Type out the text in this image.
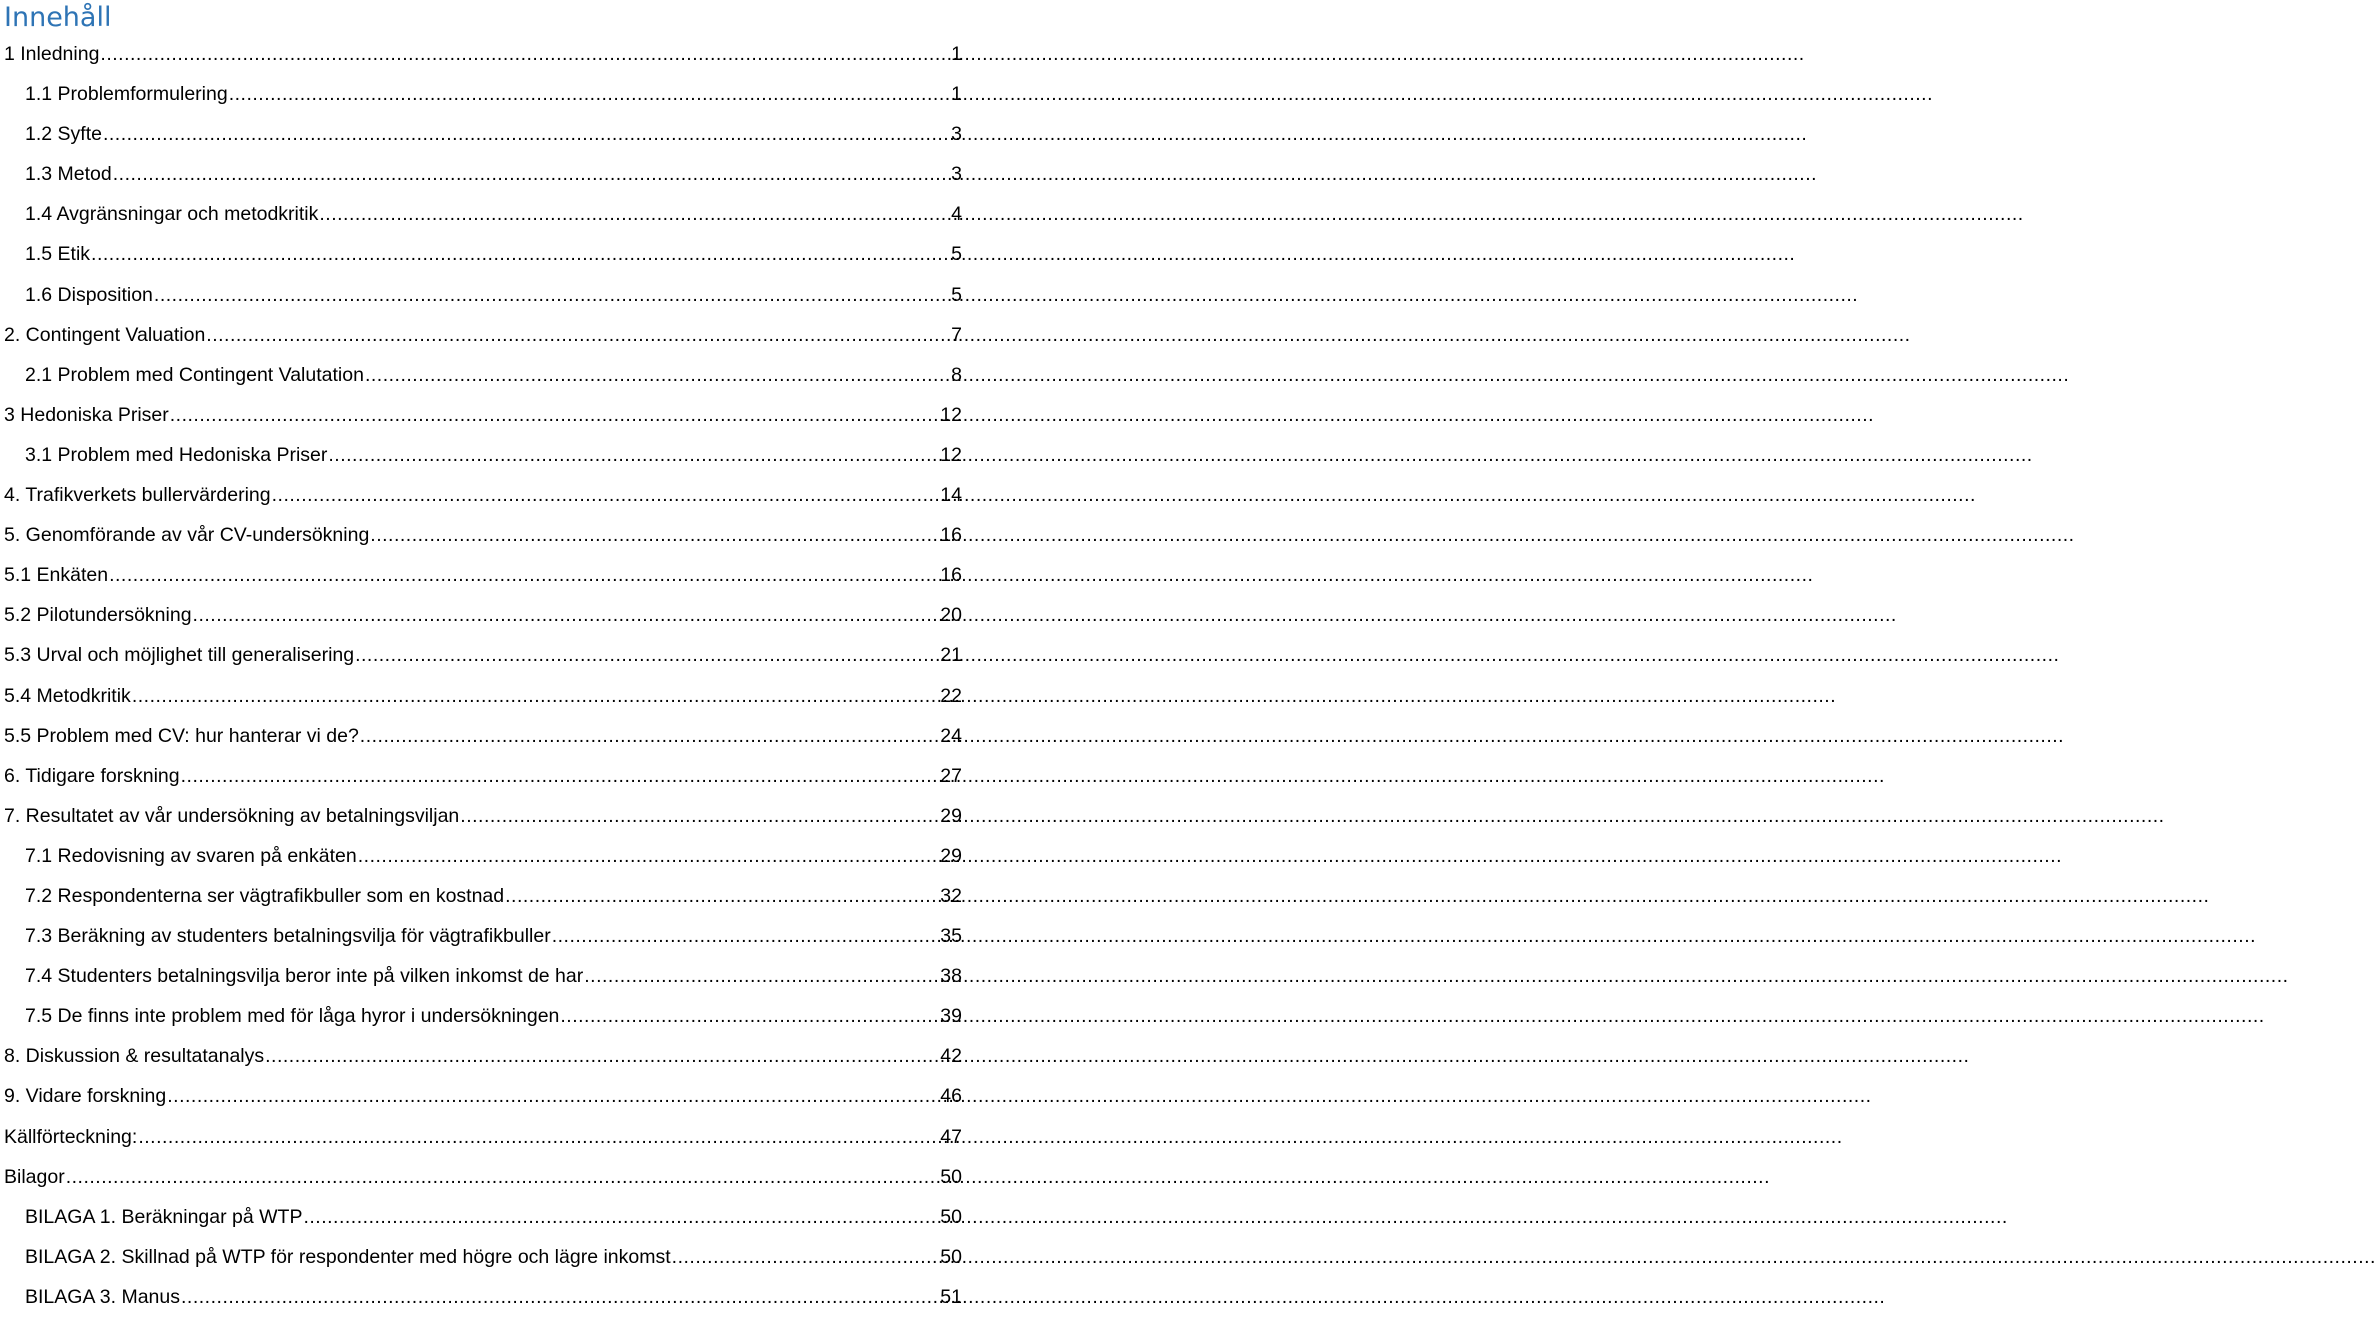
Innehåll
1 Inledning .....	1
1.1 Problemformulering .....	1
1.2 Syfte .....	3
1.3 Metod .....	3
1.4 Avgränsningar och metodkritik .....	4
1.5 Etik .....	5
1.6 Disposition .....	5
2. Contingent Valuation .....	7
2.1 Problem med Contingent Valutation .....	8
3 Hedoniska Priser .....	12
3.1 Problem med Hedoniska Priser .....	12
4. Trafikverkets bullervärdering .....	14
5. Genomförande av vår CV-undersökning .....	16
5.1 Enkäten .....	16
5.2 Pilotundersökning .....	20
5.3 Urval och möjlighet till generalisering .....	21
5.4 Metodkritik .....	22
5.5 Problem med CV: hur hanterar vi de? .....	24
6. Tidigare forskning .....	27
7. Resultatet av vår undersökning av betalningsviljan .....	29
7.1 Redovisning av svaren på enkäten .....	29
7.2 Respondenterna ser vägtrafikbuller som en kostnad .....	32
7.3 Beräkning av studenters betalningsvilja för vägtrafikbuller .....	35
7.4 Studenters betalningsvilja beror inte på vilken inkomst de har .....	38
7.5 De finns inte problem med för låga hyror i undersökningen .....	39
8. Diskussion & resultatanalys .....	42
9. Vidare forskning .....	46
Källförteckning: .....	47
Bilagor .....	50
BILAGA 1. Beräkningar på WTP .....	50
BILAGA 2. Skillnad på WTP för respondenter med högre och lägre inkomst .....	50
BILAGA 3. Manus .....	51
